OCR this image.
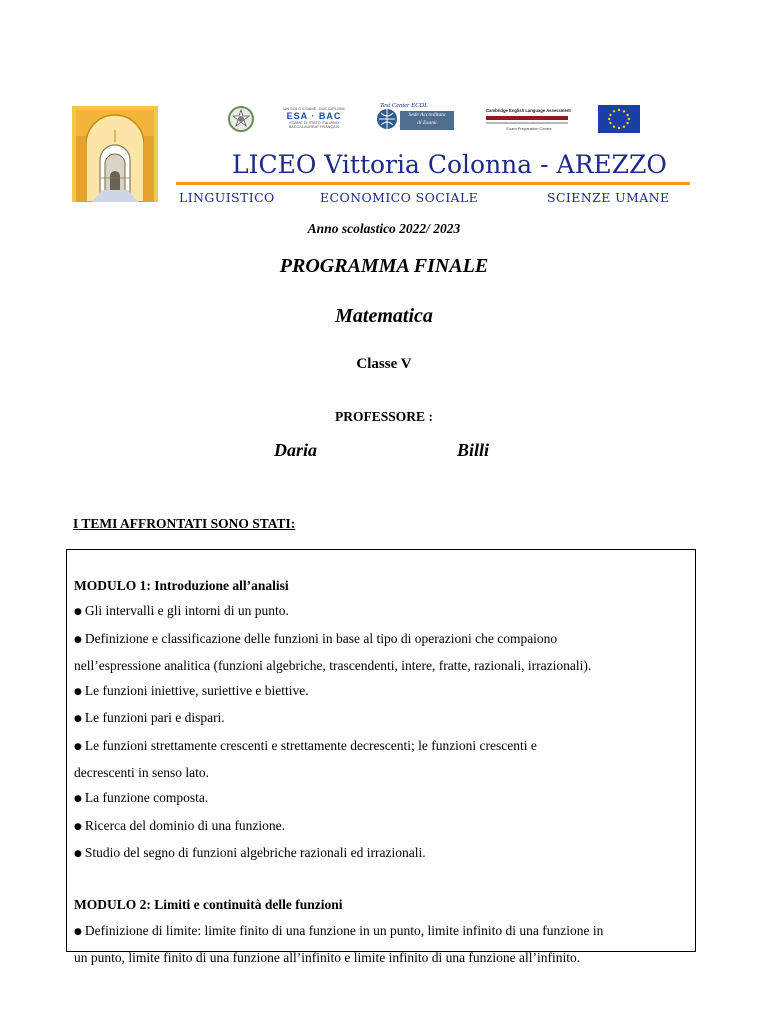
UN SOLO ESAME, DUE DIPLOMI
ESA · BAC
ESAME DI STATO ITALIANO
BACCALAURÉAT FRANÇAIS
Test Center ECDL
Sede Accreditata
di Esami
Cambridge English Language Assessment
Exam Preparation Centre
LICEO Vittoria Colonna - AREZZO
LINGUISTICO	ECONOMICO SOCIALE	SCIENZE UMANE
Anno scolastico 2022/ 2023
PROGRAMMA FINALE
Matematica
Classe V
PROFESSORE :
Daria	Billi
I TEMI AFFRONTATI SONO STATI:
MODULO 1: Introduzione all’analisi
● Gli intervalli e gli intorni di un punto.
● Definizione e classificazione delle funzioni in base al tipo di operazioni che compaiono
nell’espressione analitica (funzioni algebriche, trascendenti, intere, fratte, razionali, irrazionali).
● Le funzioni iniettive, suriettive e biettive.
● Le funzioni pari e dispari.
● Le funzioni strettamente crescenti e strettamente decrescenti; le funzioni crescenti e
decrescenti in senso lato.
● La funzione composta.
● Ricerca del dominio di una funzione.
● Studio del segno di funzioni algebriche razionali ed irrazionali.
MODULO 2: Limiti e continuità delle funzioni
● Definizione di limite: limite finito di una funzione in un punto, limite infinito di una funzione in
un punto, limite finito di una funzione all’infinito e limite infinito di una funzione all’infinito.
